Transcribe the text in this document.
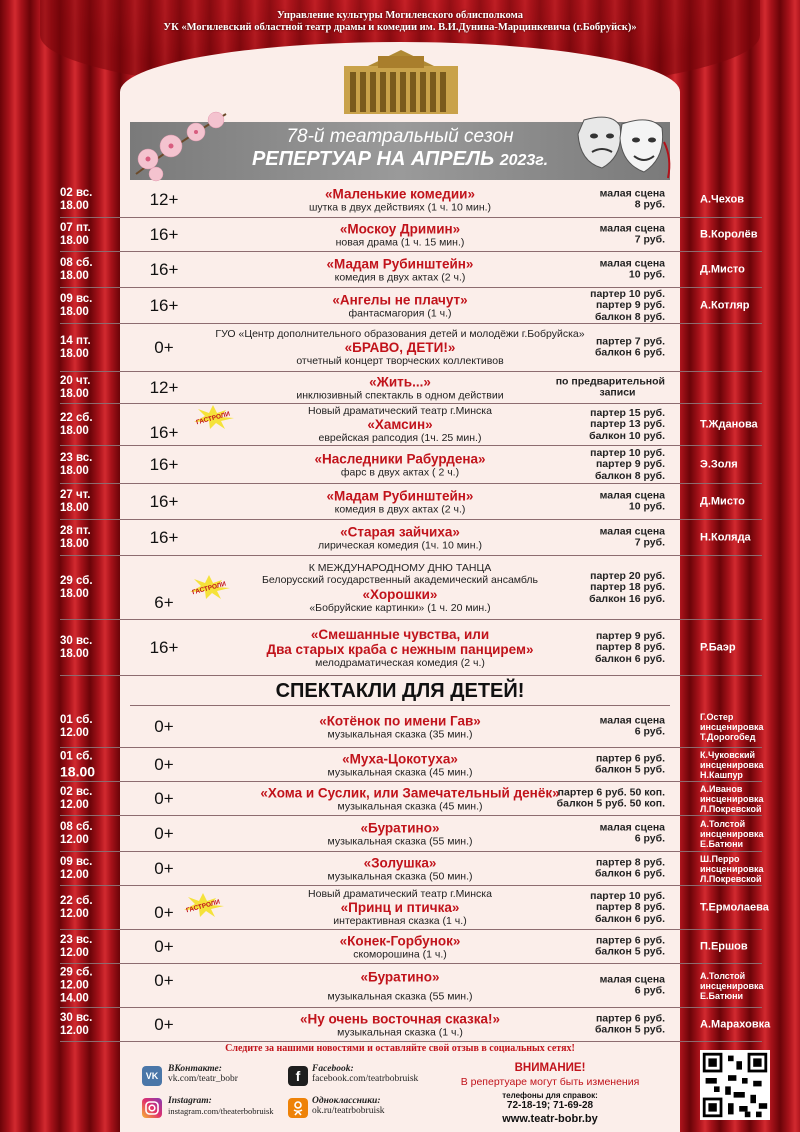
Управление культуры Могилевского облисполкома
УК «Могилевский областной театр драмы и комедии им. В.И.Дунина-Марцинкевича (г.Бобруйск)»
78-й театральный сезон
РЕПЕРТУАР НА АПРЕЛЬ 2023г.
02 вс.
18.00	12+	«Маленькие комедии»
шутка в двух действиях (1 ч. 10 мин.)
малая сцена
8 руб.	А.Чехов
07 пт.
18.00	16+	«Москоу Дримин»
новая драма (1 ч. 15 мин.)
малая сцена
7 руб.	В.Королёв
08 сб.
18.00	16+	«Мадам Рубинштейн»
комедия в двух актах (2 ч.)
малая сцена
10 руб.	Д.Мисто
09 вс.
18.00	16+	«Ангелы не плачут»
фантасмагория (1 ч.)
партер 10 руб.
партер 9 руб.
балкон 8 руб.
А.Котляр
14 пт.
18.00	0+
ГУО «Центр дополнительного образования детей и молодёжи г.Бобруйска»
«БРАВО, ДЕТИ!»
отчетный концерт творческих коллективов
партер 7 руб.
балкон 6 руб.
20 чт.
18.00	12+	«Жить...»
инклюзивный спектакль в одном действии
по предварительной
записи
22 сб.
18.00	16+
Новый драматический театр г.Минска
«Хамсин»
еврейская рапсодия (1ч. 25 мин.)
партер 15 руб.
партер 13 руб.
балкон 10 руб.
Т.Жданова
23 вс.
18.00	16+	«Наследники Рабурдена»
фарс в двух актах ( 2 ч.)
партер 10 руб.
партер 9 руб.
балкон 8 руб.
Э.Золя
27 чт.
18.00	16+	«Мадам Рубинштейн»
комедия в двух актах (2 ч.)
малая сцена
10 руб.	Д.Мисто
28 пт.
18.00	16+	«Старая зайчиха»
лирическая комедия (1ч. 10 мин.)
малая сцена
7 руб.	Н.Коляда
29 сб.
18.00	6+
К МЕЖДУНАРОДНОМУ ДНЮ ТАНЦА
Белорусский государственный академический ансамбль
«Хорошки»
«Бобруйские картинки» (1 ч. 20 мин.)
партер 20 руб.
партер 18 руб.
балкон 16 руб.
30 вс.
18.00	16+
«Смешанные чувства, или
Два старых краба с нежным панцирем»
мелодраматическая комедия (2 ч.)
партер 9 руб.
партер 8 руб.
балкон 6 руб.
Р.Баэр
СПЕКТАКЛИ ДЛЯ ДЕТЕЙ!
01 сб.
12.00	0+	«Котёнок по имени Гав»
музыкальная сказка (35 мин.)
малая сцена
6 руб.
Г.Остер
инсценировка
Т.Дорогобед
01 сб.
18.00	0+	«Муха-Цокотуха»
музыкальная сказка (45 мин.)
партер 6 руб.
балкон 5 руб.
К.Чуковский
инсценировка
Н.Кашпур
02 вс.
12.00	0+	«Хома и Суслик, или Замечательный денёк»
музыкальная сказка (45 мин.)
партер 6 руб. 50 коп.
балкон 5 руб. 50 коп.
А.Иванов
инсценировка
Л.Покревской
08 сб.
12.00	0+	«Буратино»
музыкальная сказка (55 мин.)
малая сцена
6 руб.
А.Толстой
инсценировка
Е.Батюни
09 вс.
12.00	0+	«Золушка»
музыкальная сказка (50 мин.)
партер 8 руб.
балкон 6 руб.
Ш.Перро
инсценировка
Л.Покревской
22 сб.
12.00	0+
Новый драматический театр г.Минска
«Принц и птичка»
интерактивная сказка (1 ч.)
партер 10 руб.
партер 8 руб.
балкон 6 руб.
Т.Ермолаева
23 вс.
12.00	0+	«Конек-Горбунок»
скоморошина (1 ч.)
партер 6 руб.
балкон 5 руб.	П.Ершов
29 сб.
12.00
14.00
0+	«Буратино»
музыкальная сказка (55 мин.)
малая сцена
6 руб.
А.Толстой
инсценировка
Е.Батюни
30 вс.
12.00	0+	«Ну очень восточная сказка!»
музыкальная сказка (1 ч.)
партер 6 руб.
балкон 5 руб.	А.Мараховка
ГАСТРОЛИ
ГАСТРОЛИ
ГАСТРОЛИ
Следите за нашими новостями и оставляйте свой отзыв в социальных сетях!
VK
ВКонтакте:
vk.com/teatr_bobr	f	Facebook:
facebook.com/teatrbobruisk
Instagram:
instagram.com/theaterbobruisk
Одноклассники:
ok.ru/teatrbobruisk
ВНИМАНИЕ!
В репертуаре могут быть изменения
телефоны для справок:
72-18-19; 71-69-28
www.teatr-bobr.by
